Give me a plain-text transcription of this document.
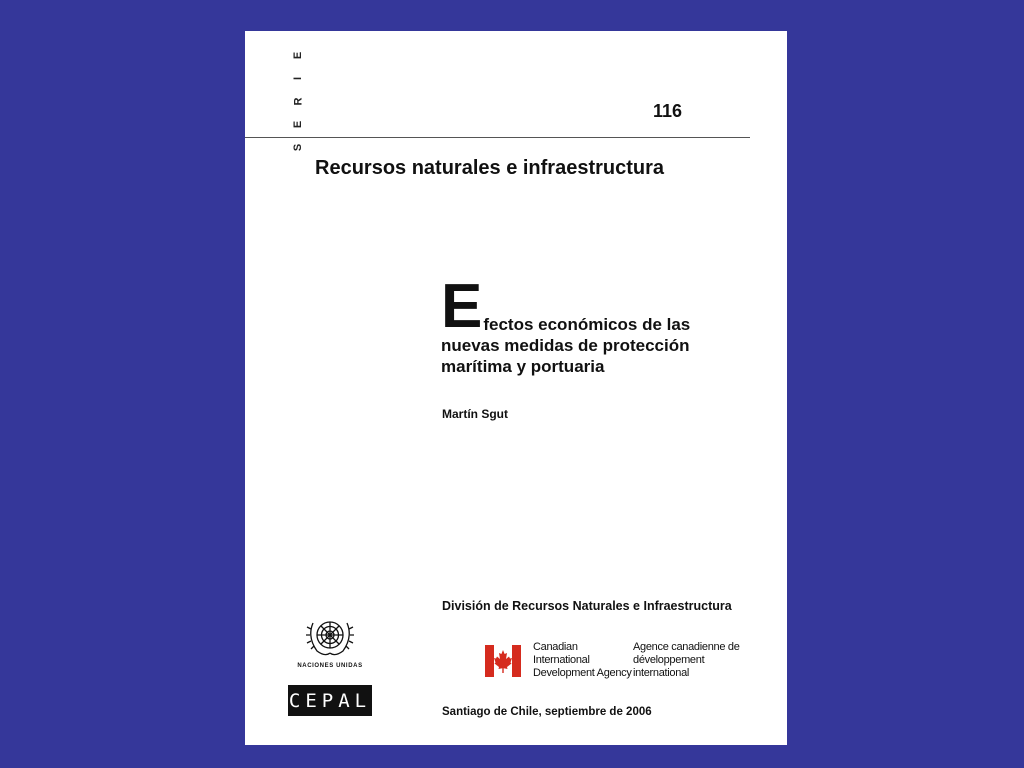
E
I
R
E
S
116
Recursos naturales e infraestructura
E fectos económicos de las
nuevas medidas de protección
marítima y portuaria
Martín Sgut
División de Recursos Naturales e Infraestructura
NACIONES UNIDAS
CEPAL
Canadian International
Development Agency
Agence canadienne de
développement international
Santiago de Chile, septiembre de 2006
